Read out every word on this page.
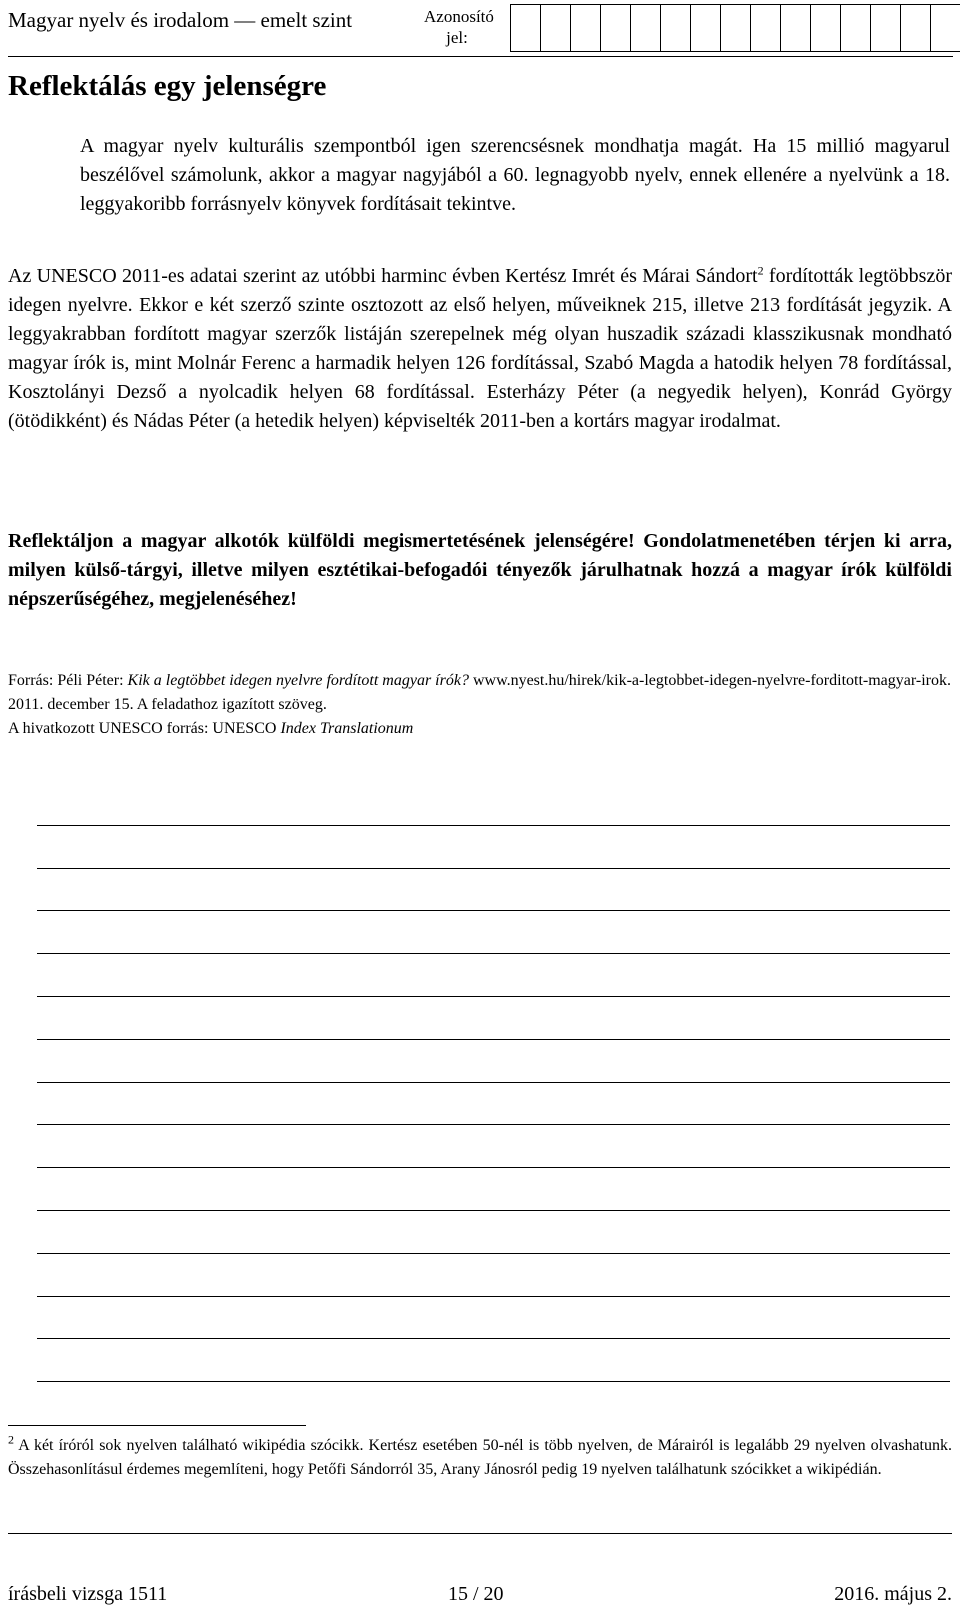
Magyar nyelv és irodalom — emelt szint	Azonosító
jel:
Reflektálás egy jelenségre
A magyar nyelv kulturális szempontból igen szerencsésnek mondhatja magát. Ha 15 millió magyarul beszélővel számolunk, akkor a magyar nagyjából a 60. legnagyobb nyelv, ennek ellenére a nyelvünk a 18. leggyakoribb forrásnyelv könyvek fordításait tekintve.
Az UNESCO 2011-es adatai szerint az utóbbi harminc évben Kertész Imrét és Márai Sándort$^2$ fordították legtöbbször idegen nyelvre. Ekkor e két szerző szinte osztozott az első helyen, műveiknek 215, illetve 213 fordítását jegyzik. A leggyakrabban fordított magyar szerzők listáján szerepelnek még olyan huszadik századi klasszikusnak mondható magyar írók is, mint Molnár Ferenc a harmadik helyen 126 fordítással, Szabó Magda a hatodik helyen 78 fordítással, Kosztolányi Dezső a nyolcadik helyen 68 fordítással. Esterházy Péter (a negyedik helyen), Konrád György (ötödikként) és Nádas Péter (a hetedik helyen) képviselték 2011-ben a kortárs magyar irodalmat.
Reflektáljon a magyar alkotók külföldi megismertetésének jelenségére! Gondolatmenetében térjen ki arra, milyen külső-tárgyi, illetve milyen esztétikai-befogadói tényezők járulhatnak hozzá a magyar írók külföldi népszerűségéhez, megjelenéséhez!
Forrás: Péli Péter: Kik a legtöbbet idegen nyelvre fordított magyar írók? www.nyest.hu/hirek/kik-a-legtobbet-idegen-nyelvre-forditott-magyar-irok. 2011. december 15. A feladathoz igazított szöveg.
A hivatkozott UNESCO forrás: UNESCO Index Translationum
$^2$ A két íróról sok nyelven található wikipédia szócikk. Kertész esetében 50-nél is több nyelven, de Márairól is legalább 29 nyelven olvashatunk. Összehasonlításul érdemes megemlíteni, hogy Petőfi Sándorról 35, Arany Jánosról pedig 19 nyelven találhatunk szócikket a wikipédián.
írásbeli vizsga 1511	15 / 20	2016. május 2.
